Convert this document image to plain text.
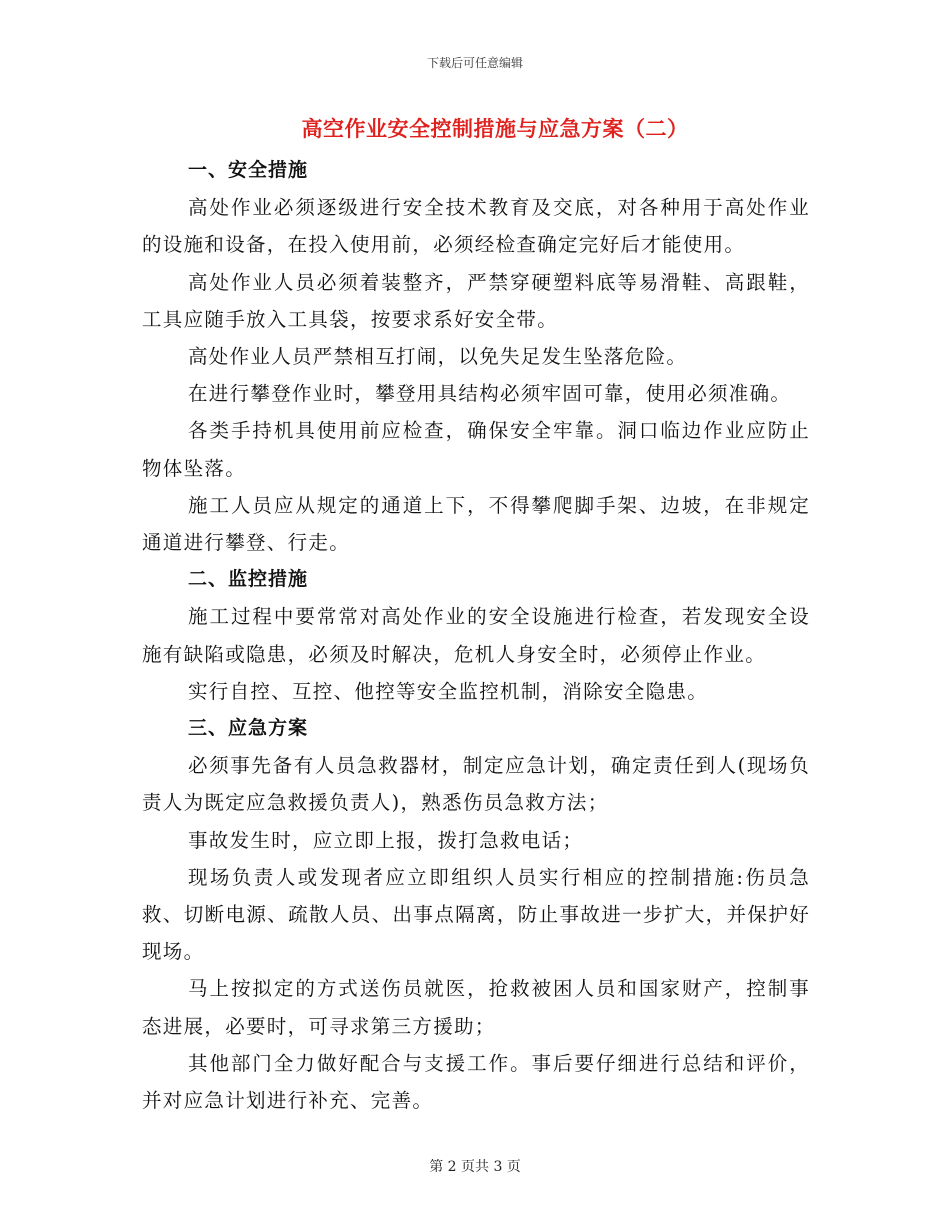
下载后可任意编辑
高空作业安全控制措施与应急方案（二）
一、安全措施
高处作业必须逐级进行安全技术教育及交底，对各种用于高处作业的设施和设备，在投入使用前，必须经检查确定完好后才能使用。
高处作业人员必须着装整齐，严禁穿硬塑料底等易滑鞋、高跟鞋，工具应随手放入工具袋，按要求系好安全带。
高处作业人员严禁相互打闹，以免失足发生坠落危险。
在进行攀登作业时，攀登用具结构必须牢固可靠，使用必须准确。
各类手持机具使用前应检查，确保安全牢靠。洞口临边作业应防止物体坠落。
施工人员应从规定的通道上下，不得攀爬脚手架、边坡，在非规定通道进行攀登、行走。
二、监控措施
施工过程中要常常对高处作业的安全设施进行检查，若发现安全设施有缺陷或隐患，必须及时解决，危机人身安全时，必须停止作业。
实行自控、互控、他控等安全监控机制，消除安全隐患。
三、应急方案
必须事先备有人员急救器材，制定应急计划，确定责任到人(现场负责人为既定应急救援负责人)，熟悉伤员急救方法；
事故发生时，应立即上报，拨打急救电话；
现场负责人或发现者应立即组织人员实行相应的控制措施:伤员急救、切断电源、疏散人员、出事点隔离，防止事故进一步扩大，并保护好现场。
马上按拟定的方式送伤员就医，抢救被困人员和国家财产，控制事态进展，必要时，可寻求第三方援助；
其他部门全力做好配合与支援工作。事后要仔细进行总结和评价，并对应急计划进行补充、完善。
第 2 页共 3 页
